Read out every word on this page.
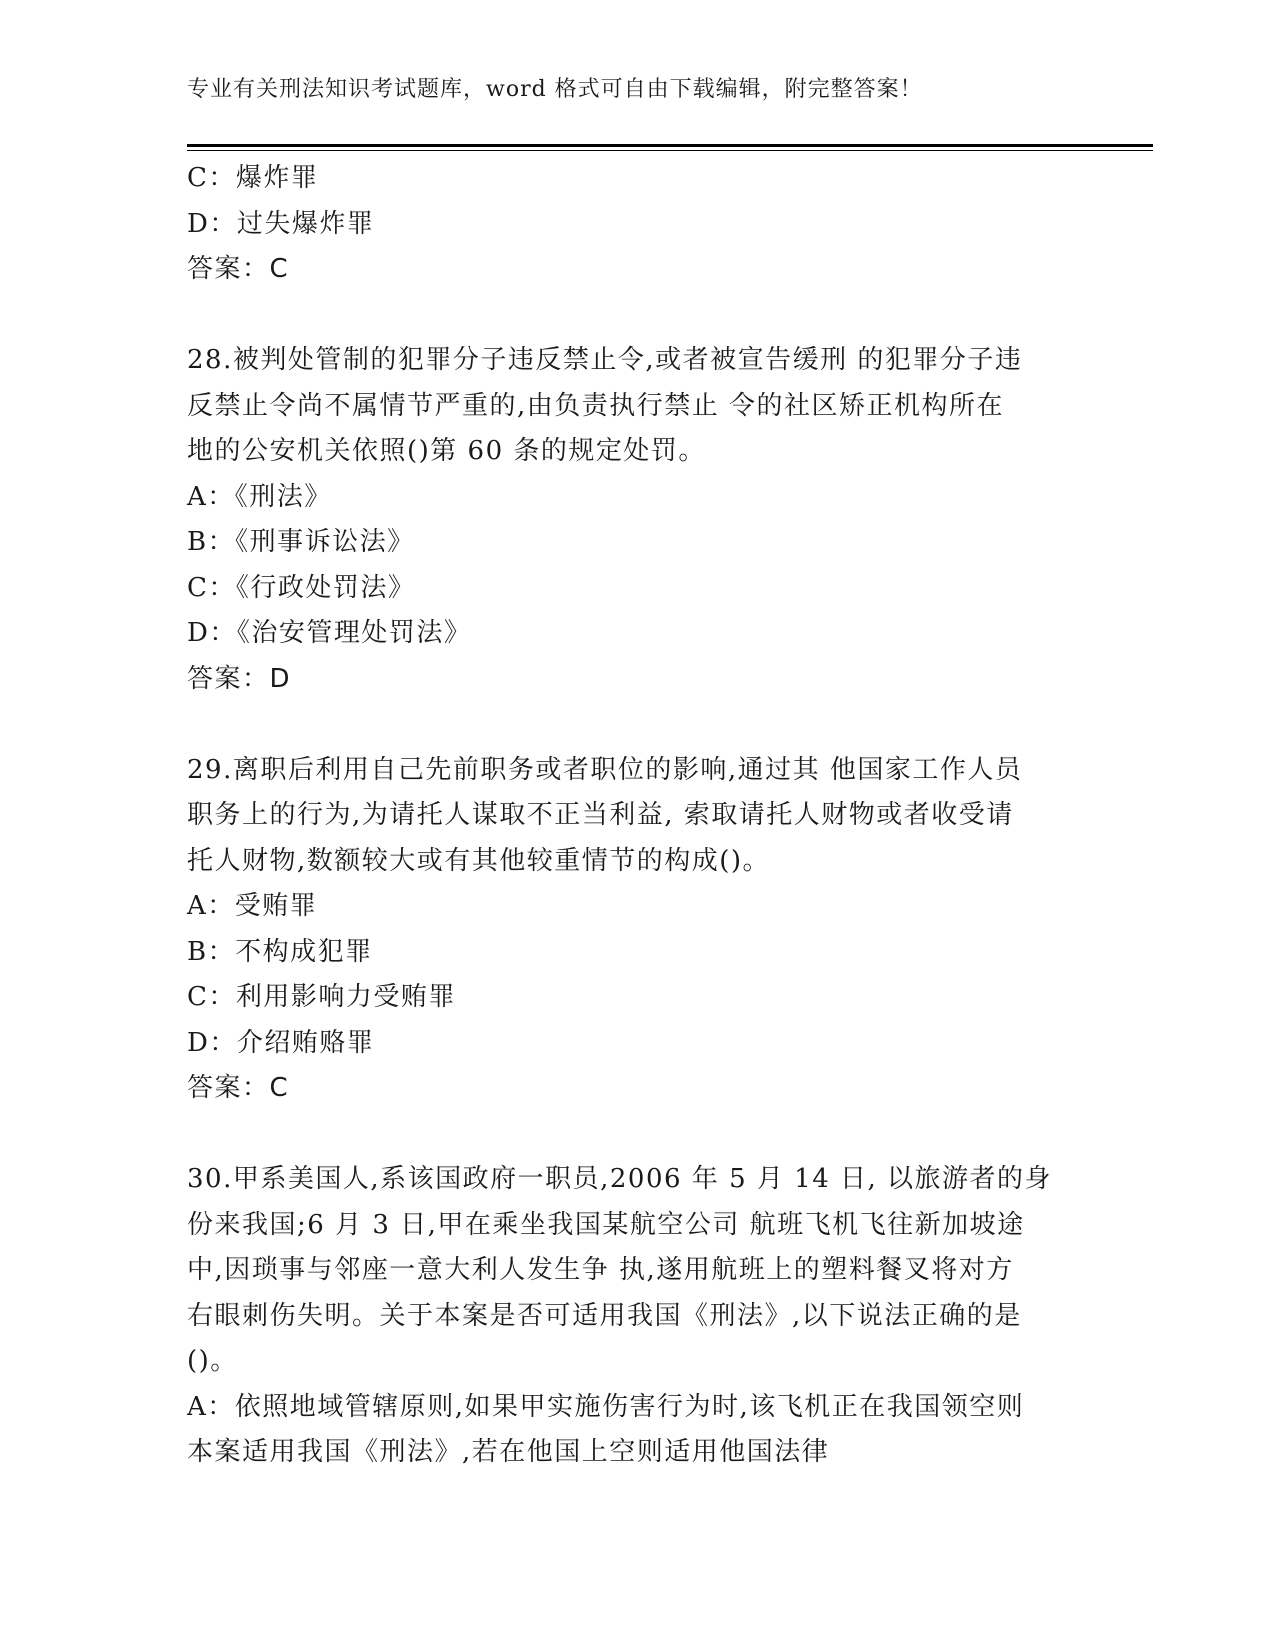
专业有关刑法知识考试题库，word 格式可自由下载编辑，附完整答案！
C：爆炸罪
D：过失爆炸罪
答案：C
28.被判处管制的犯罪分子违反禁止令,或者被宣告缓刑 的犯罪分子违
反禁止令尚不属情节严重的,由负责执行禁止 令的社区矫正机构所在
地的公安机关依照()第 60 条的规定处罚。
A：《刑法》
B：《刑事诉讼法》
C：《行政处罚法》
D：《治安管理处罚法》
答案：D
29.离职后利用自己先前职务或者职位的影响,通过其 他国家工作人员
职务上的行为,为请托人谋取不正当利益, 索取请托人财物或者收受请
托人财物,数额较大或有其他较重情节的构成()。
A：受贿罪
B：不构成犯罪
C：利用影响力受贿罪
D：介绍贿赂罪
答案：C
30.甲系美国人,系该国政府一职员,2006 年 5 月 14 日, 以旅游者的身
份来我国;6 月 3 日,甲在乘坐我国某航空公司 航班飞机飞往新加坡途
中,因琐事与邻座一意大利人发生争 执,遂用航班上的塑料餐叉将对方
右眼刺伤失明。关于本案是否可适用我国《刑法》,以下说法正确的是
()。
A：依照地域管辖原则,如果甲实施伤害行为时,该飞机正在我国领空则
本案适用我国《刑法》,若在他国上空则适用他国法律
